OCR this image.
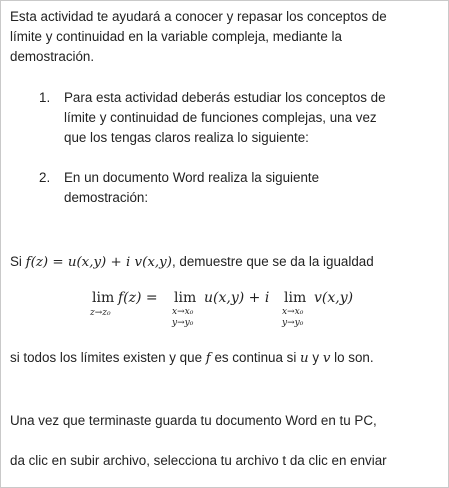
Esta actividad te ayudará a conocer y repasar los conceptos de
límite y continuidad en la variable compleja, mediante la
demostración.
1.	Para esta actividad deberás estudiar los conceptos de
límite y continuidad de funciones complejas, una vez
que los tengas claros realiza lo siguiente:
2.	En un documento Word realiza la siguiente
demostración:
Si f(z) = u(x,y) + i v(x,y), demuestre que se da la igualdad
lim
z→z₀
f(z) = lim
x→x₀
y→y₀
u(x,y) + i lim
x→x₀
y→y₀
v(x,y)
si todos los límites existen y que f es continua si u y v lo son.
Una vez que terminaste guarda tu documento Word en tu PC,
da clic en subir archivo, selecciona tu archivo t da clic en enviar
